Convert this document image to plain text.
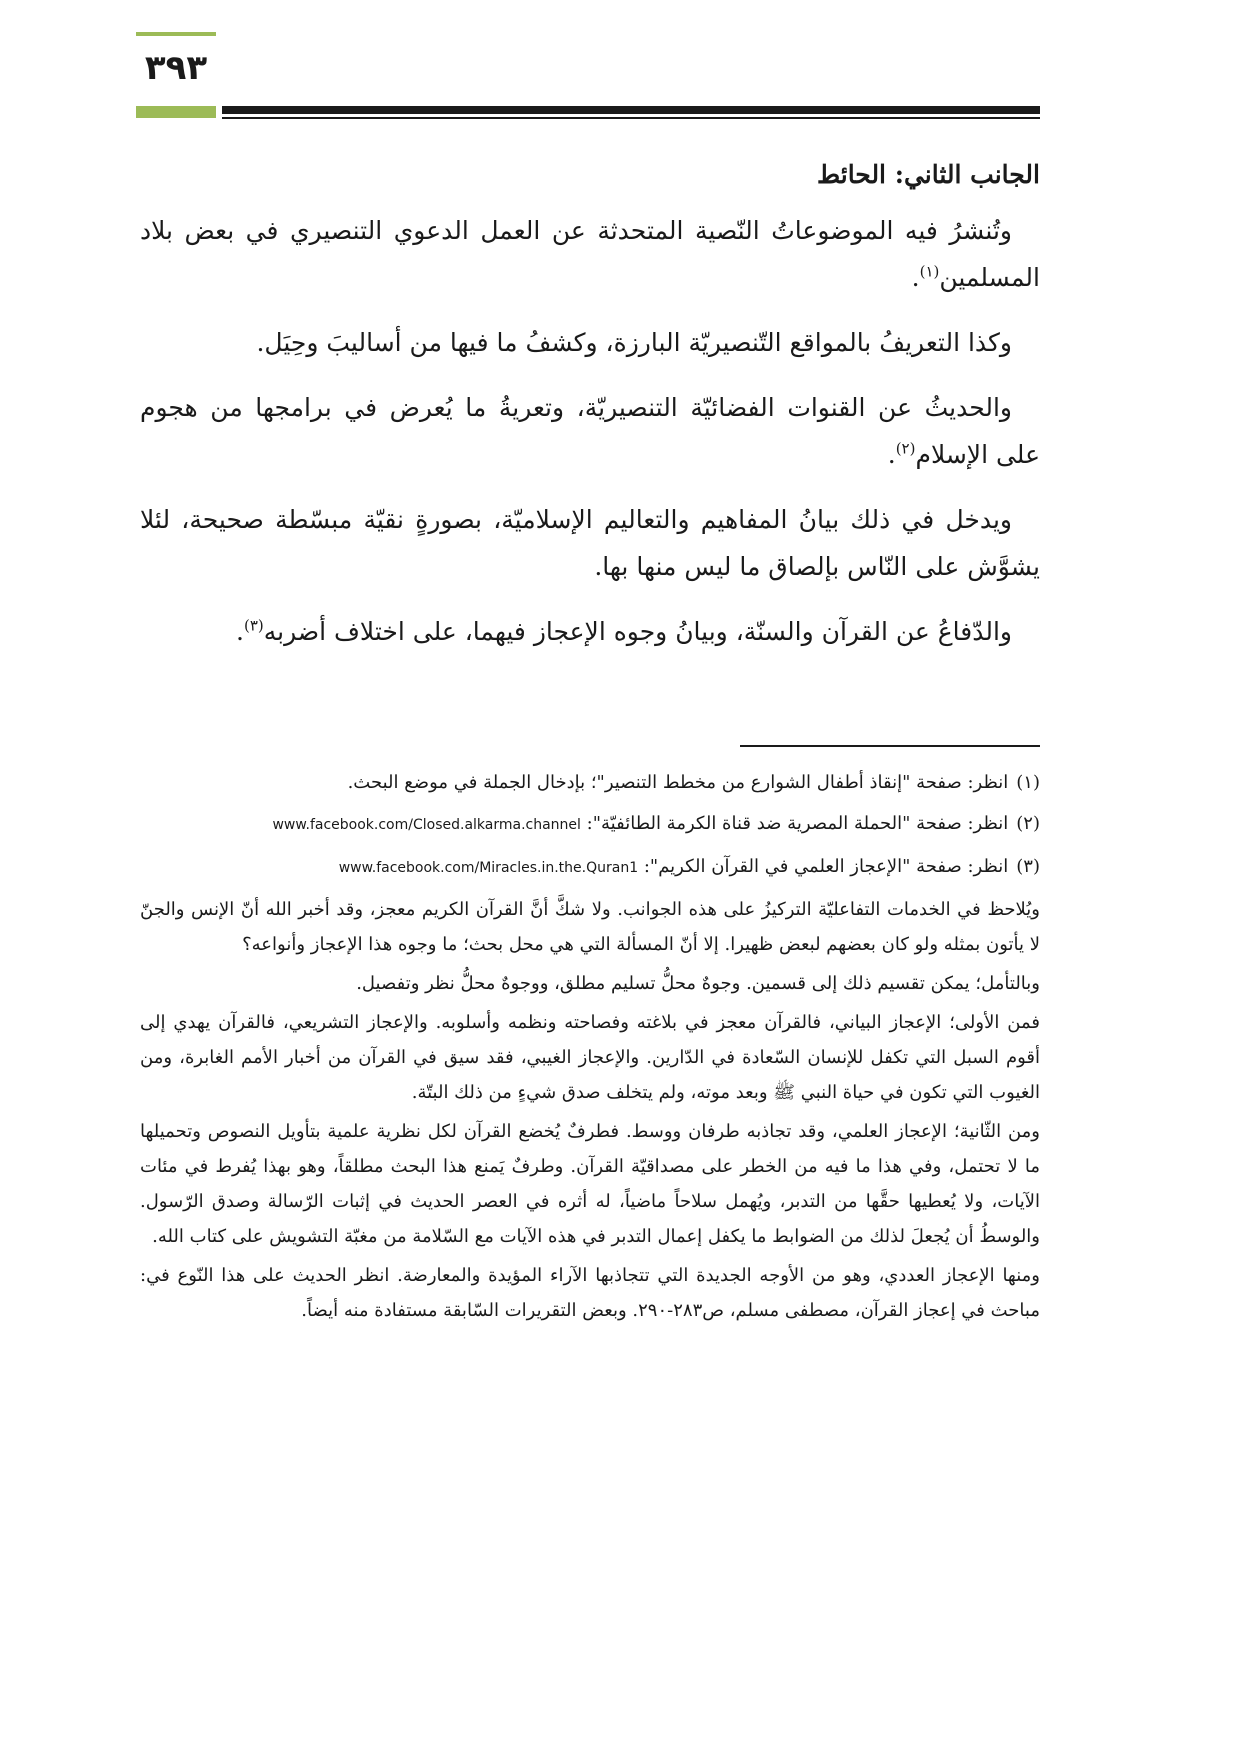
٣٩٣
الجانب الثاني: الحائط

وتُنشرُ فيه الموضوعاتُ النّصية المتحدثة عن العمل الدعوي التنصيري في بعض بلاد المسلمين$^{(١)}$.

وكذا التعريفُ بالمواقع التّنصيريّة البارزة، وكشفُ ما فيها من أساليبَ وحِيَل.

والحديثُ عن القنوات الفضائيّة التنصيريّة، وتعريةُ ما يُعرض في برامجها من هجوم على الإسلام$^{(٢)}$.

ويدخل في ذلك بيانُ المفاهيم والتعاليم الإسلاميّة، بصورةٍ نقيّة مبسّطة صحيحة، لئلا يشوَّش على النّاس بإلصاق ما ليس منها بها.

والدّفاعُ عن القرآن والسنّة، وبيانُ وجوه الإعجاز فيهما، على اختلاف أضربه$^{(٣)}$.

(١)انظر: صفحة "إنقاذ أطفال الشوارع من مخطط التنصير"؛ بإدخال الجملة في موضع البحث.
(٢)انظر: صفحة "الحملة المصرية ضد قناة الكرمة الطائفيّة": www.facebook.com/Closed.alkarma.channel
(٣)انظر: صفحة "الإعجاز العلمي في القرآن الكريم": www.facebook.com/Miracles.in.the.Quran1

ويُلاحظ في الخدمات التفاعليّة التركيزُ على هذه الجوانب. ولا شكَّ أنَّ القرآن الكريم معجز، وقد أخبر الله أنّ الإنس والجنّ لا يأتون بمثله ولو كان بعضهم لبعض ظهيرا. إلا أنّ المسألة التي هي محل بحث؛ ما وجوه هذا الإعجاز وأنواعه؟

وبالتأمل؛ يمكن تقسيم ذلك إلى قسمين. وجوهٌ محلُّ تسليم مطلق، ووجوهٌ محلُّ نظر وتفصيل.

فمن الأولى؛ الإعجاز البياني، فالقرآن معجز في بلاغته وفصاحته ونظمه وأسلوبه. والإعجاز التشريعي، فالقرآن يهدي إلى أقوم السبل التي تكفل للإنسان السّعادة في الدّارين. والإعجاز الغيبي، فقد سيق في القرآن من أخبار الأمم الغابرة، ومن الغيوب التي تكون في حياة النبي ﷺ وبعد موته، ولم يتخلف صدق شيءٍ من ذلك البتّة.

ومن الثّانية؛ الإعجاز العلمي، وقد تجاذبه طرفان ووسط. فطرفٌ يُخضع القرآن لكل نظرية علمية بتأويل النصوص وتحميلها ما لا تحتمل، وفي هذا ما فيه من الخطر على مصداقيّة القرآن. وطرفٌ يَمنع هذا البحث مطلقاً، وهو بهذا يُفرط في مئات الآيات، ولا يُعطيها حقَّها من التدبر، ويُهمل سلاحاً ماضياً، له أثره في العصر الحديث في إثبات الرّسالة وصدق الرّسول. والوسطُ أن يُجعلَ لذلك من الضوابط ما يكفل إعمال التدبر في هذه الآيات مع السّلامة من مغبّة التشويش على كتاب الله.

ومنها الإعجاز العددي، وهو من الأوجه الجديدة التي تتجاذبها الآراء المؤيدة والمعارضة. انظر الحديث على هذا النّوع في: مباحث في إعجاز القرآن، مصطفى مسلم، ص٢٨٣-٢٩٠. وبعض التقريرات السّابقة مستفادة منه أيضاً.
